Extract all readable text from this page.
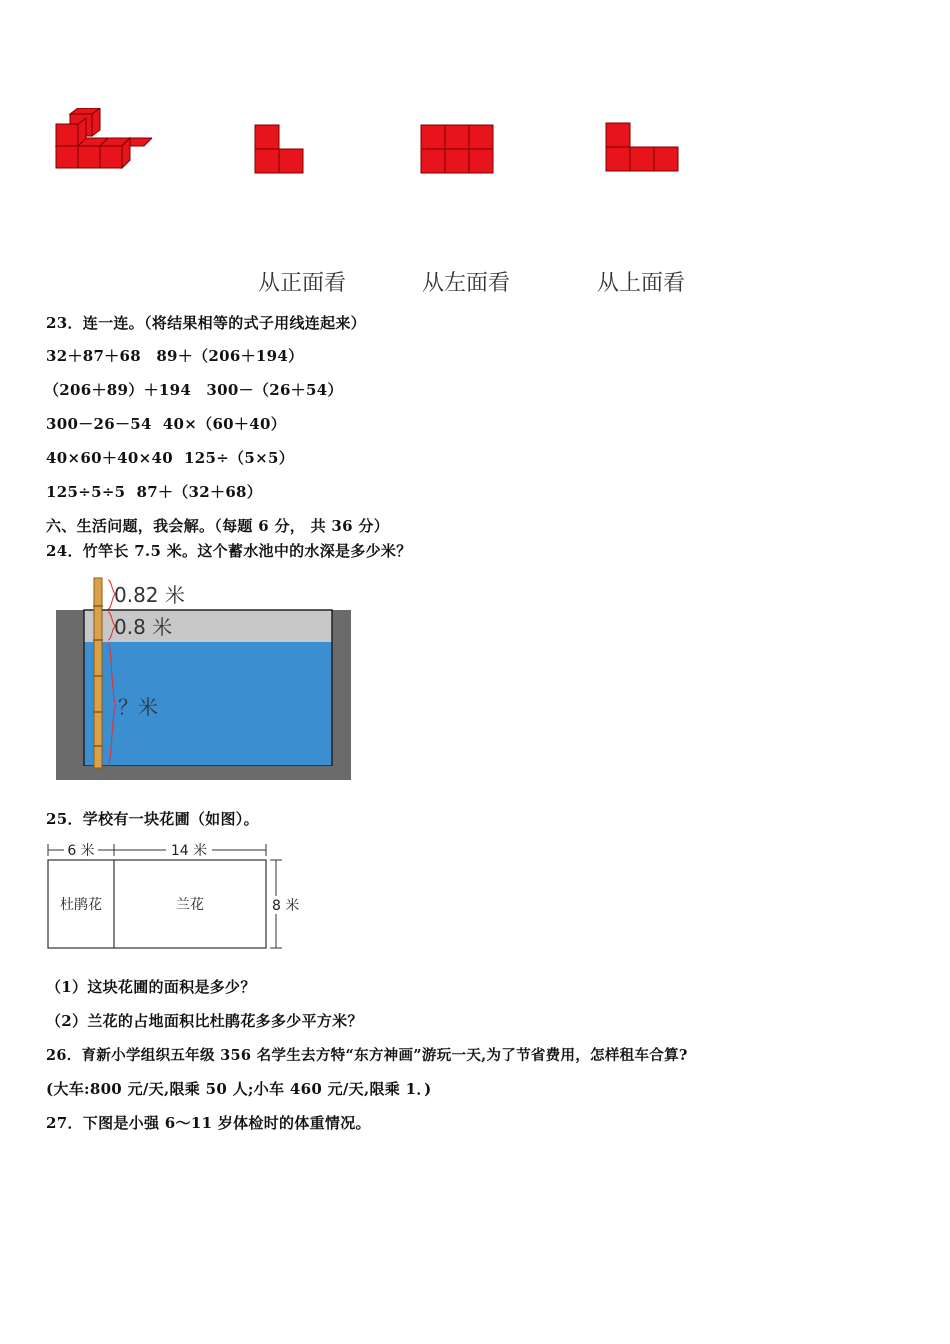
从正面看	从左面看	从上面看
23．连一连。（将结果相等的式子用线连起来）
32＋87＋68　89＋（206＋194）
（206＋89）＋194　300－（26＋54）
300－26－54  40×（60＋40）
40×60＋40×40  125÷（5×5）
125÷5÷5  87＋（32＋68）
六、生活问题，我会解。（每题 6 分， 共 36 分）
24．竹竿长 7.5 米。这个蓄水池中的水深是多少米？
0.82 米
0.8 米
？米
25．学校有一块花圃（如图）。
6 米	14 米
8 米
杜鹃花	兰花
（1）这块花圃的面积是多少？
（2）兰花的占地面积比杜鹃花多多少平方米？
26．育新小学组织五年级 356 名学生去方特“东方神画”游玩一天,为了节省费用，怎样租车合算?
(大车:800 元/天,限乘 50 人;小车 460 元/天,限乘 1．)
27．下图是小强 6～11 岁体检时的体重情况。
